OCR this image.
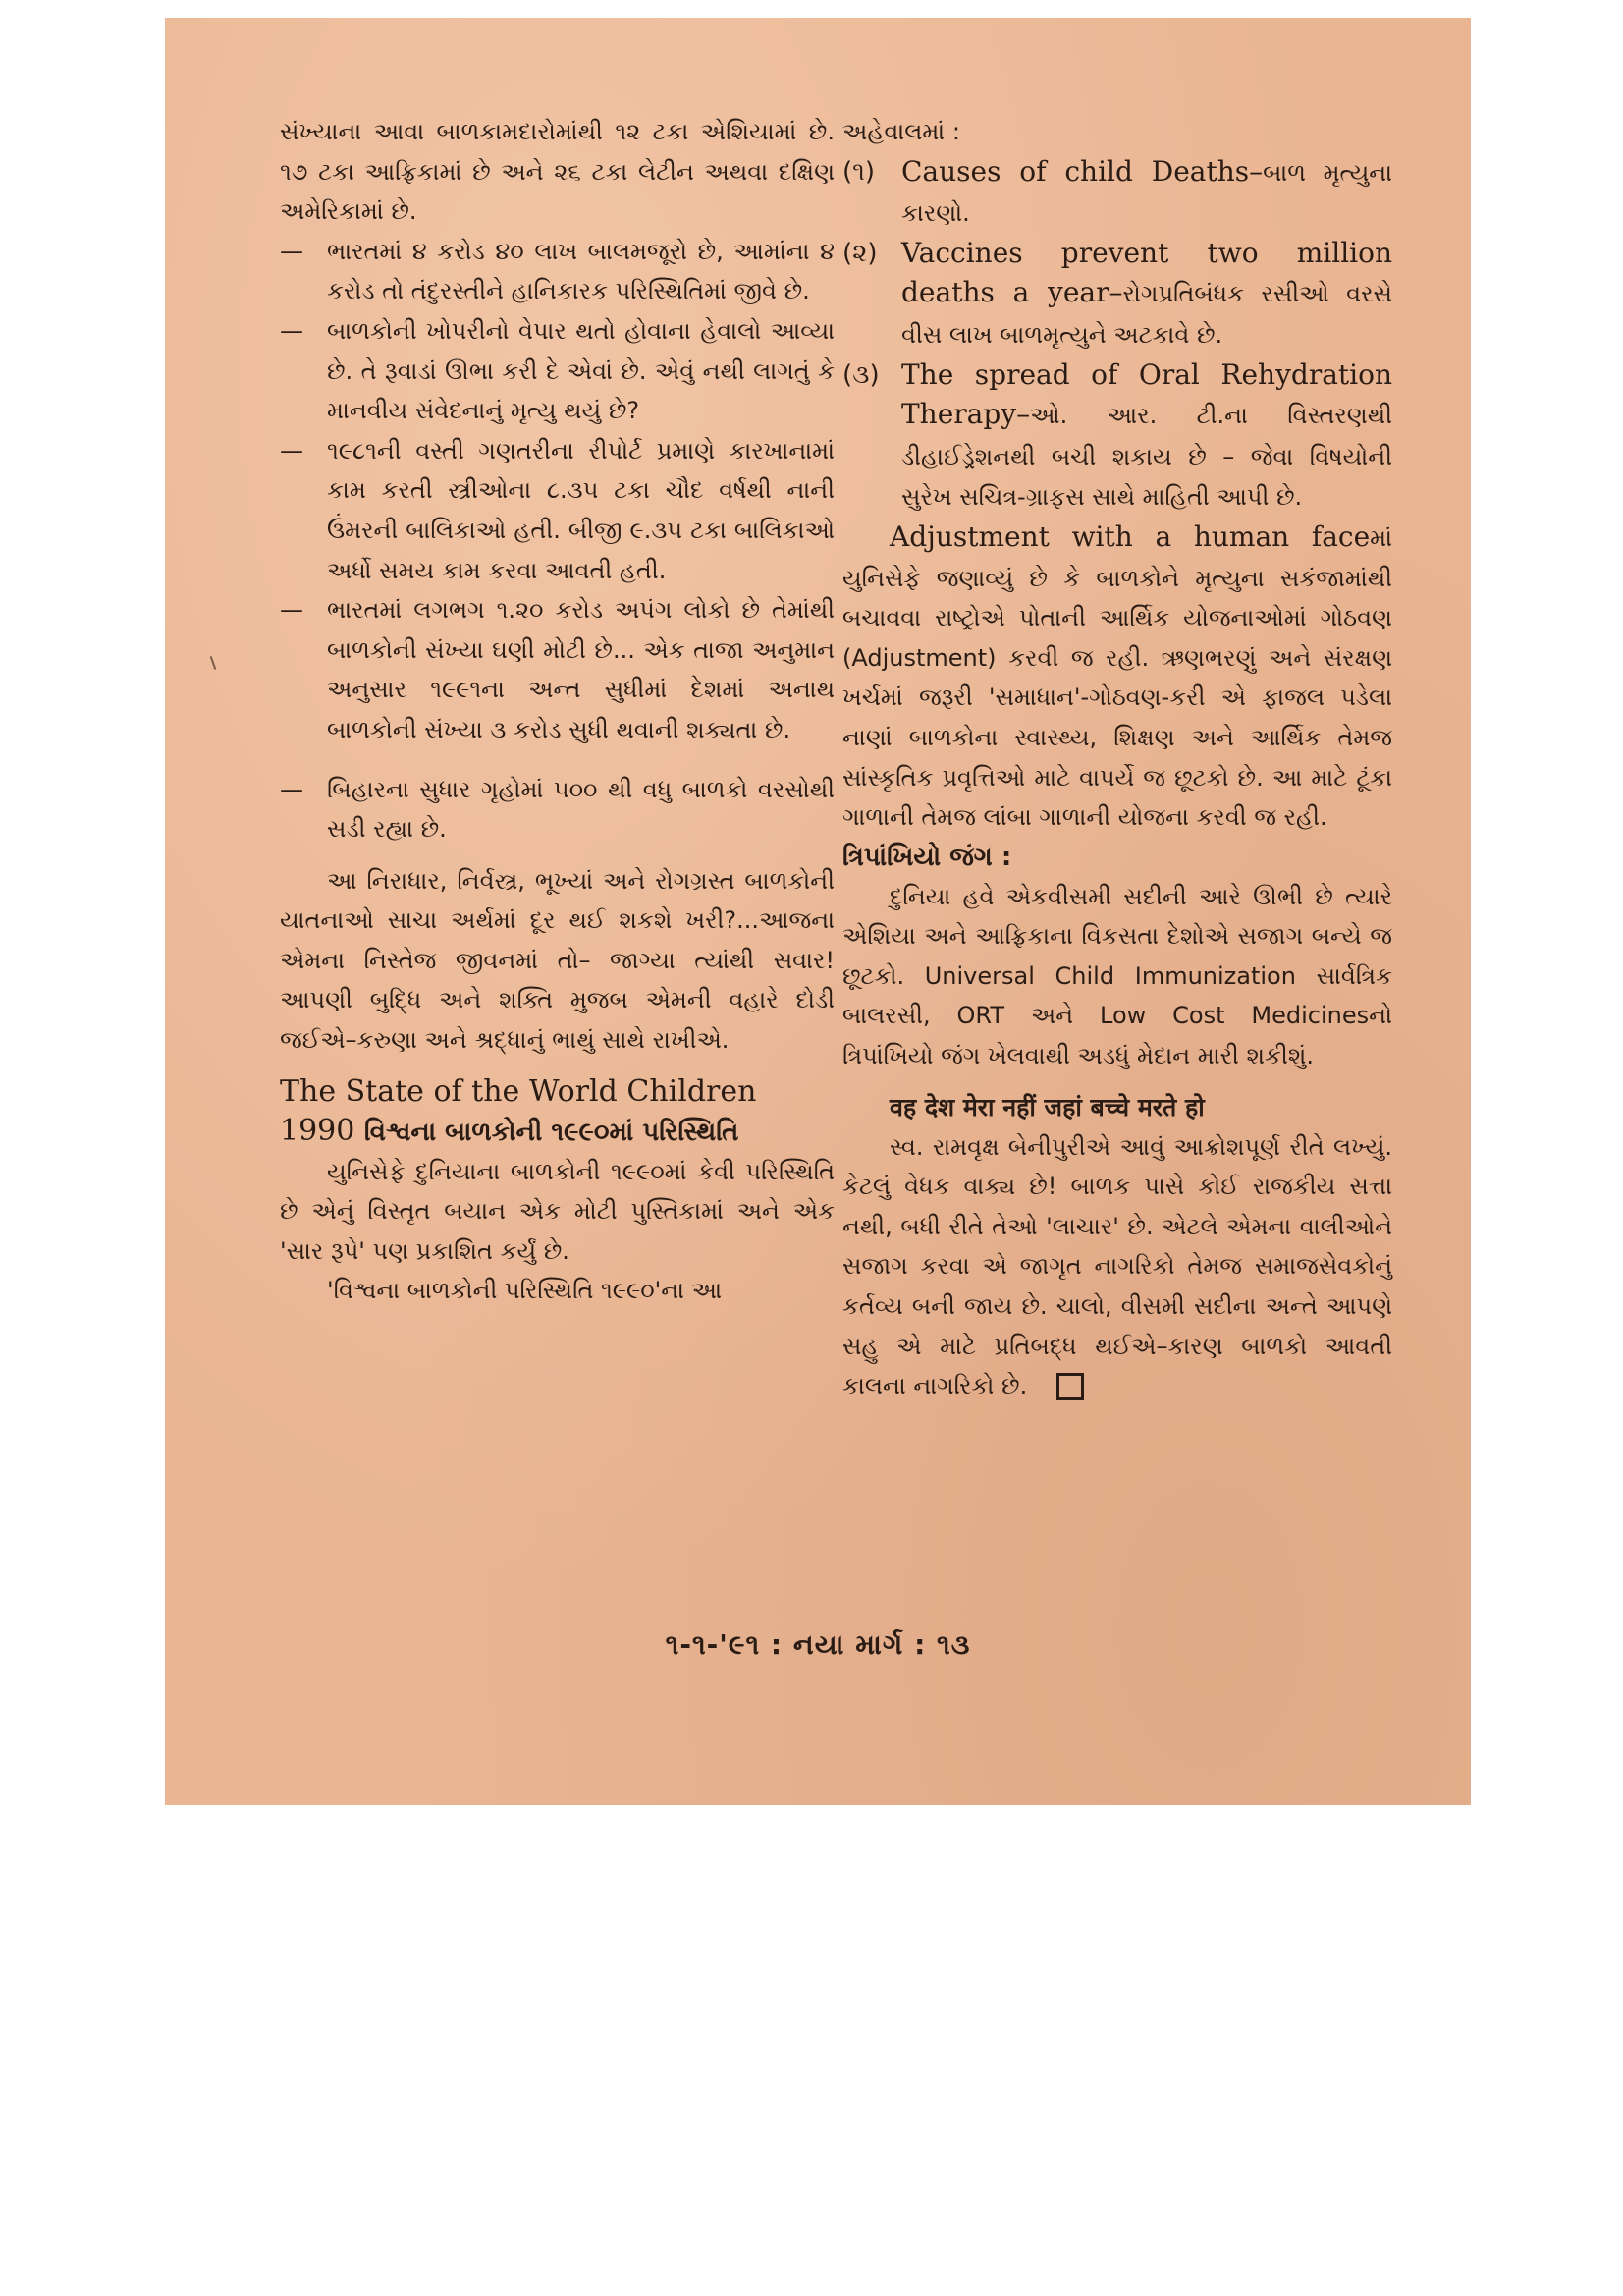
સંખ્યાના આવા બાળકામદારોમાંથી ૧૨ ટકા એશિયામાં છે. ૧૭ ટકા આફ્રિકામાં છે અને ૨૬ ટકા લેટીન અથવા દક્ષિણ અમેરિકામાં છે.

— ભારતમાં ૪ કરોડ ૪૦ લાખ બાલમજૂરો છે, આમાંના ૪ કરોડ તો તંદુરસ્તીને હાનિકારક પરિસ્થિતિમાં જીવે છે.
— બાળકોની ખોપરીનો વેપાર થતો હોવાના હેવાલો આવ્યા છે. તે રૂવાડાં ઊભા કરી દે એવાં છે. એવું નથી લાગતું કે માનવીય સંવેદનાનું મૃત્યુ થયું છે?
— ૧૯૮૧ની વસ્તી ગણતરીના રીપોર્ટ પ્રમાણે કારખાનામાં કામ કરતી સ્ત્રીઓના ૮.૩૫ ટકા ચૌદ વર્ષથી નાની ઉંમરની બાલિકાઓ હતી. બીજી ૯.૩૫ ટકા બાલિકાઓ અર્ધો સમય કામ કરવા આવતી હતી.
— ભારતમાં લગભગ ૧.૨૦ કરોડ અપંગ લોકો છે તેમાંથી બાળકોની સંખ્યા ઘણી મોટી છે... એક તાજા અનુમાન અનુસાર ૧૯૯૧ના અન્ત સુધીમાં દેશમાં અનાથ બાળકોની સંખ્યા ૩ કરોડ સુધી થવાની શક્યતા છે.
— બિહારના સુધાર ગૃહોમાં ૫૦૦ થી વધુ બાળકો વરસોથી સડી રહ્યા છે.

આ નિરાધાર, નિર્વસ્ત્ર, ભૂખ્યાં અને રોગગ્રસ્ત બાળકોની યાતનાઓ સાચા અર્થમાં દૂર થઈ શકશે ખરી?...આજના એમના નિસ્તેજ જીવનમાં તો– જાગ્યા ત્યાંથી સવાર! આપણી બુદ્ધિ અને શક્તિ મુજબ એમની વહારે દોડી જઈએ–કરુણા અને શ્રદ્ધાનું ભાથું સાથે રાખીએ.

The State of the World Children

1990 વિશ્વના બાળકોની ૧૯૯૦માં પરિસ્થિતિ

યુનિસેફે દુનિયાના બાળકોની ૧૯૯૦માં કેવી પરિસ્થિતિ છે એનું વિસ્તૃત બયાન એક મોટી પુસ્તિકામાં અને એક 'સાર રૂપે' પણ પ્રકાશિત કર્યું છે.

'વિશ્વના બાળકોની પરિસ્થિતિ ૧૯૯૦'ના આ

અહેવાલમાં :

(૧) Causes of child Deaths–બાળ મૃત્યુના કારણો.
(૨) Vaccines prevent two million deaths a year–રોગપ્રતિબંધક રસીઓ વરસે વીસ લાખ બાળમૃત્યુને અટકાવે છે.
(૩) The spread of Oral Rehydration Therapy–ઓ. આર. ટી.ના વિસ્તરણથી ડીહાઈડ્રેશનથી બચી શકાય છે – જેવા વિષયોની સુરેખ સચિત્ર-ગ્રાફસ સાથે માહિતી આપી છે.

Adjustment with a human faceમાં યુનિસેફે જણાવ્યું છે કે બાળકોને મૃત્યુના સકંજામાંથી બચાવવા રાષ્ટ્રોએ પોતાની આર્થિક યોજનાઓમાં ગોઠવણ (Adjustment) કરવી જ રહી. ઋણભરણું અને સંરક્ષણ ખર્ચમાં જરૂરી 'સમાધાન'-ગોઠવણ-કરી એ ફાજલ પડેલા નાણાં બાળકોના સ્વાસ્થ્ય, શિક્ષણ અને આર્થિક તેમજ સાંસ્કૃતિક પ્રવૃત્તિઓ માટે વાપર્યે જ છૂટકો છે. આ માટે ટૂંકા ગાળાની તેમજ લાંબા ગાળાની યોજના કરવી જ રહી.

ત્રિપાંખિયો જંગ :

દુનિયા હવે એકવીસમી સદીની આરે ઊભી છે ત્યારે એશિયા અને આફ્રિકાના વિકસતા દેશોએ સજાગ બન્યે જ છૂટકો. Universal Child Immunization સાર્વત્રિક બાલરસી, ORT અને Low Cost Medicinesનો ત્રિપાંખિયો જંગ ખેલવાથી અડધું મેદાન મારી શકીશું.

वह देश मेरा नहीं जहां बच्चे मरते हो

સ્વ. રામવૃક્ષ બેનીપુરીએ આવું આક્રોશપૂર્ણ રીતે લખ્યું. કેટલું વેધક વાક્ય છે! બાળક પાસે કોઈ રાજકીય સત્તા નથી, બધી રીતે તેઓ 'લાચાર' છે. એટલે એમના વાલીઓને સજાગ કરવા એ જાગૃત નાગરિકો તેમજ સમાજસેવકોનું કર્તવ્ય બની જાય છે. ચાલો, વીસમી સદીના અન્તે આપણે સહુ એ માટે પ્રતિબદ્ધ થઈએ–કારણ બાળકો આવતી કાલના નાગરિકો છે.

૧-૧-'૯૧ : નયા માર્ગ : ૧૩
